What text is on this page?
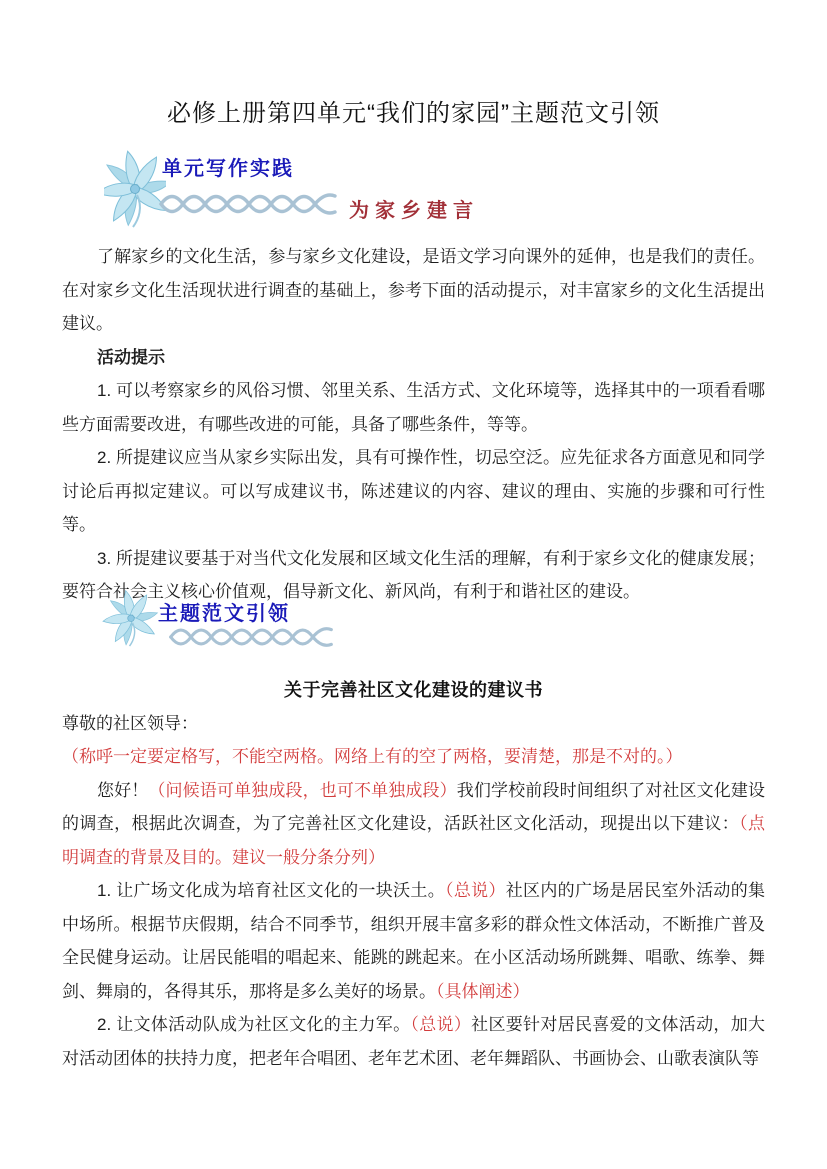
必修上册第四单元“我们的家园”主题范文引领
单元写作实践
为家乡建言

了解家乡的文化生活，参与家乡文化建设，是语文学习向课外的延伸，也是我们的责任。在对家乡文化生活现状进行调查的基础上，参考下面的活动提示，对丰富家乡的文化生活提出建议。

活动提示

1. 可以考察家乡的风俗习惯、邻里关系、生活方式、文化环境等，选择其中的一项看看哪些方面需要改进，有哪些改进的可能，具备了哪些条件，等等。

2. 所提建议应当从家乡实际出发，具有可操作性，切忌空泛。应先征求各方面意见和同学讨论后再拟定建议。可以写成建议书，陈述建议的内容、建议的理由、实施的步骤和可行性等。

3. 所提建议要基于对当代文化发展和区域文化生活的理解，有利于家乡文化的健康发展；要符合社会主义核心价值观，倡导新文化、新风尚，有利于和谐社区的建设。

主题范文引领
关于完善社区文化建设的建议书

尊敬的社区领导：

（称呼一定要定格写，不能空两格。网络上有的空了两格，要清楚，那是不对的。）

您好！（问候语可单独成段，也可不单独成段）我们学校前段时间组织了对社区文化建设的调查，根据此次调查，为了完善社区文化建设，活跃社区文化活动，现提出以下建议：（点明调查的背景及目的。建议一般分条分列）

1. 让广场文化成为培育社区文化的一块沃土。（总说）社区内的广场是居民室外活动的集中场所。根据节庆假期，结合不同季节，组织开展丰富多彩的群众性文体活动，不断推广普及全民健身运动。让居民能唱的唱起来、能跳的跳起来。在小区活动场所跳舞、唱歌、练拳、舞剑、舞扇的，各得其乐，那将是多么美好的场景。（具体阐述）

2. 让文体活动队成为社区文化的主力军。（总说）社区要针对居民喜爱的文体活动，加大对活动团体的扶持力度，把老年合唱团、老年艺术团、老年舞蹈队、书画协会、山歌表演队等
